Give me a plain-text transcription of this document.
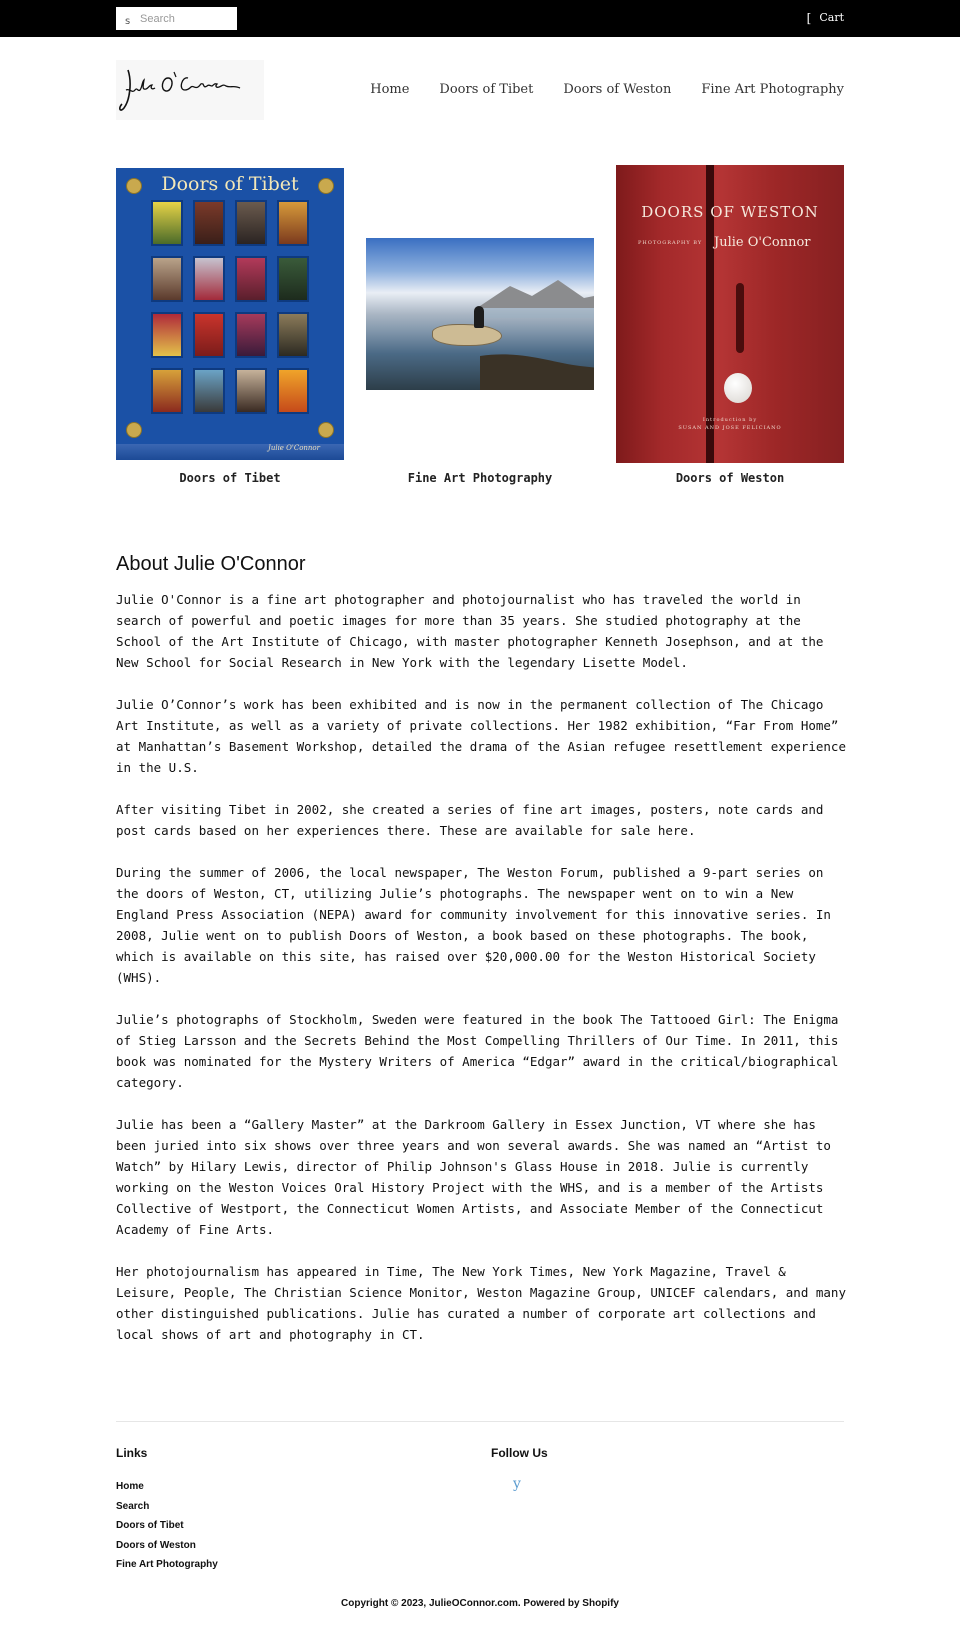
s
Search	[ Cart
Home Doors of Tibet Doors of Weston Fine Art Photography
Doors of Tibet
Julie O'Connor
Doors of Tibet	Fine Art Photography
DOORS OF WESTON
PHOTOGRAPHY BY Julie O'Connor
Introduction by
SUSAN AND JOSE FELICIANO
Doors of Weston
About Julie O'Connor

Julie O'Connor is a fine art photographer and photojournalist who has traveled the world in search of powerful and poetic images for more than 35 years. She studied photography at the School of the Art Institute of Chicago, with master photographer Kenneth Josephson, and at the New School for Social Research in New York with the legendary Lisette Model.

Julie O’Connor’s work has been exhibited and is now in the permanent collection of The Chicago Art Institute, as well as a variety of private collections. Her 1982 exhibition, “Far From Home” at Manhattan’s Basement Workshop, detailed the drama of the Asian refugee resettlement experience in the U.S.

After visiting Tibet in 2002, she created a series of fine art images, posters, note cards and post cards based on her experiences there. These are available for sale here.

During the summer of 2006, the local newspaper, The Weston Forum, published a 9-part series on the doors of Weston, CT, utilizing Julie’s photographs. The newspaper went on to win a New England Press Association (NEPA) award for community involvement for this innovative series. In 2008, Julie went on to publish Doors of Weston, a book based on these photographs. The book, which is available on this site, has raised over $20,000.00 for the Weston Historical Society (WHS).

Julie’s photographs of Stockholm, Sweden were featured in the book The Tattooed Girl: The Enigma of Stieg Larsson and the Secrets Behind the Most Compelling Thrillers of Our Time. In 2011, this book was nominated for the Mystery Writers of America “Edgar” award in the critical/biographical category.

Julie has been a “Gallery Master” at the Darkroom Gallery in Essex Junction, VT where she has been juried into six shows over three years and won several awards. She was named an “Artist to Watch” by Hilary Lewis, director of Philip Johnson's Glass House in 2018. Julie is currently working on the Weston Voices Oral History Project with the WHS, and is a member of the Artists Collective of Westport, the Connecticut Women Artists, and Associate Member of the Connecticut Academy of Fine Arts.

Her photojournalism has appeared in Time, The New York Times, New York Magazine, Travel & Leisure, People, The Christian Science Monitor, Weston Magazine Group, UNICEF calendars, and many other distinguished publications. Julie has curated a number of corporate art collections and local shows of art and photography in CT.

Links	Follow Us
Home
Search
Doors of Tibet
Doors of Weston
Fine Art Photography
y
Copyright © 2023, JulieOConnor.com. Powered by Shopify
